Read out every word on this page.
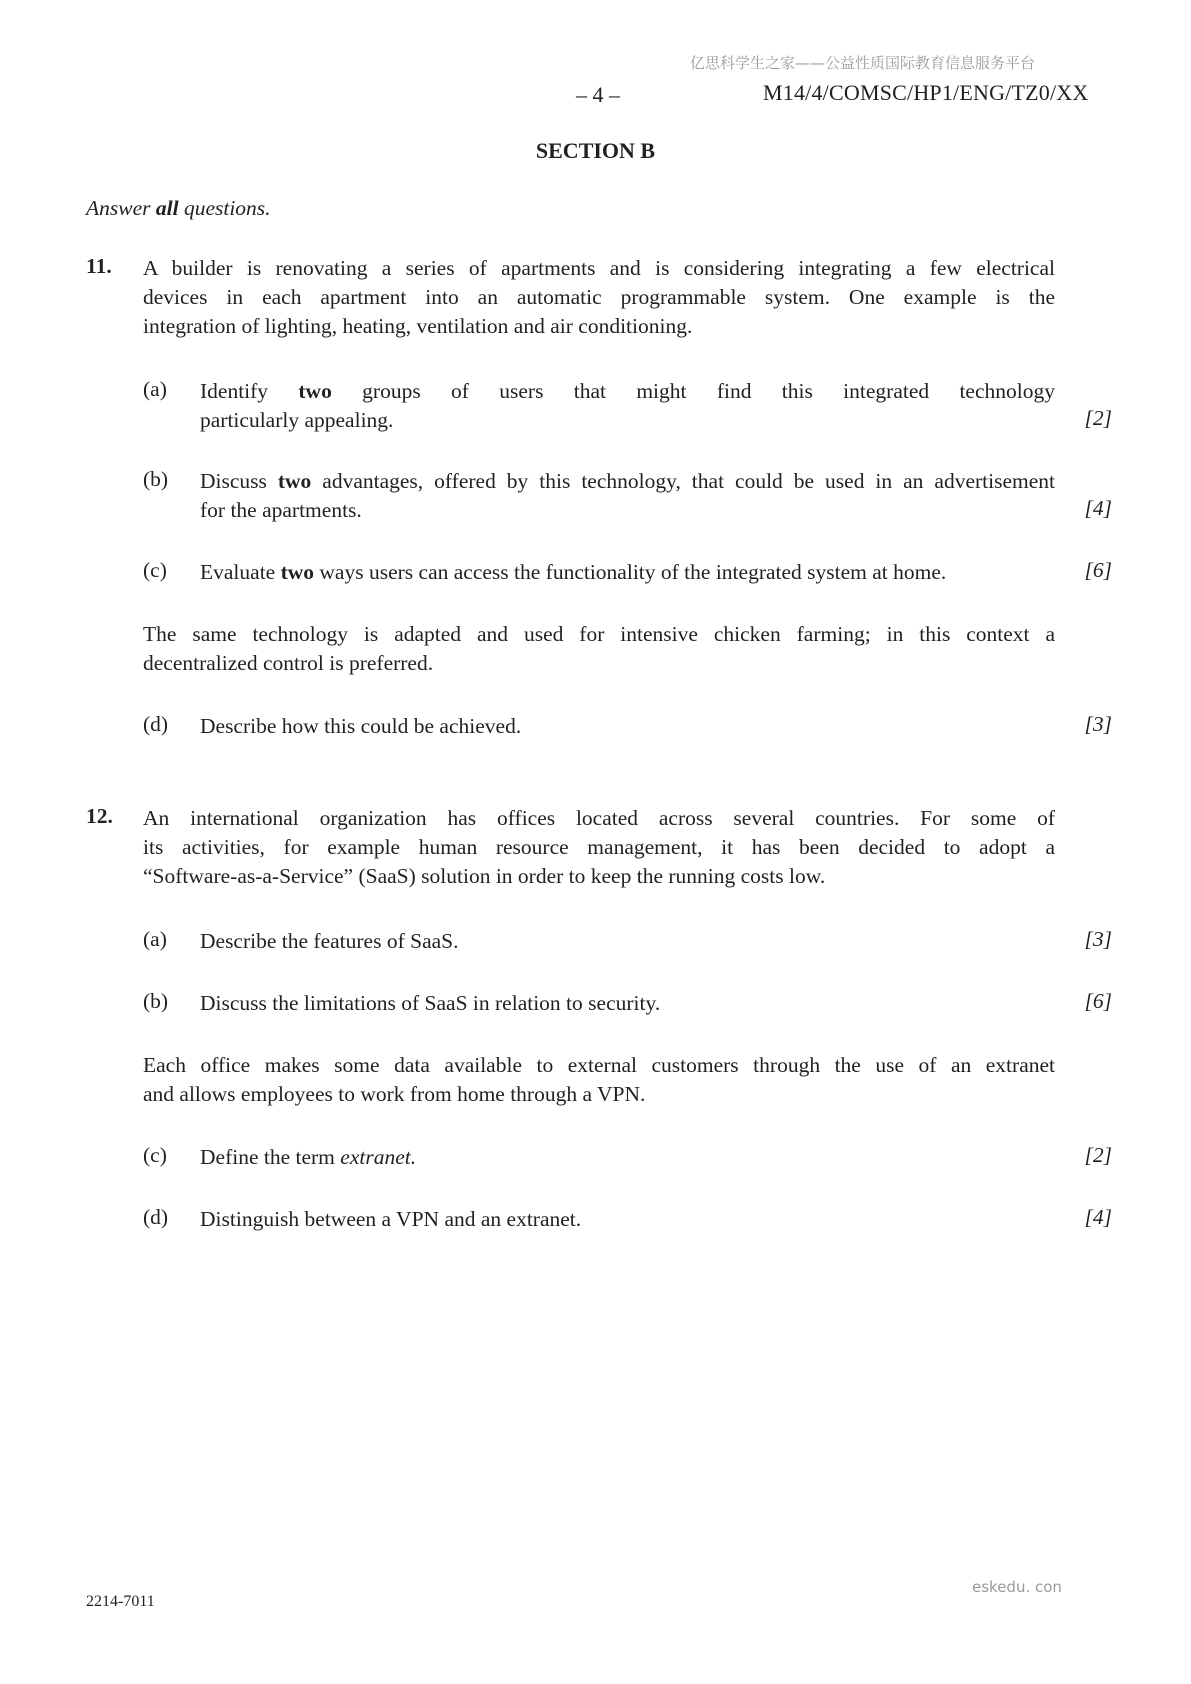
亿思科学生之家——公益性质国际教育信息服务平台
– 4 –	M14/4/COMSC/HP1/ENG/TZ0/XX
SECTION B
Answer all questions.
11. A builder is renovating a series of apartments and is considering integrating a few electrical
devices in each apartment into an automatic programmable system. One example is the
integration of lighting, heating, ventilation and air conditioning.
(a) Identify two groups of users that might find this integrated technology
particularly appealing.	[2]
(b) Discuss two advantages, offered by this technology, that could be used in an advertisement
for the apartments.	[4]
(c) Evaluate two ways users can access the functionality of the integrated system at home.	[6]
The same technology is adapted and used for intensive chicken farming; in this context a
decentralized control is preferred.
(d) Describe how this could be achieved.	[3]
12. An international organization has offices located across several countries. For some of
its activities, for example human resource management, it has been decided to adopt a
“Software-as-a-Service” (SaaS) solution in order to keep the running costs low.
(a) Describe the features of SaaS.	[3]
(b) Discuss the limitations of SaaS in relation to security.	[6]
Each office makes some data available to external customers through the use of an extranet
and allows employees to work from home through a VPN.
(c) Define the term extranet.	[2]
(d) Distinguish between a VPN and an extranet.	[4]
eskedu. con
2214-7011
